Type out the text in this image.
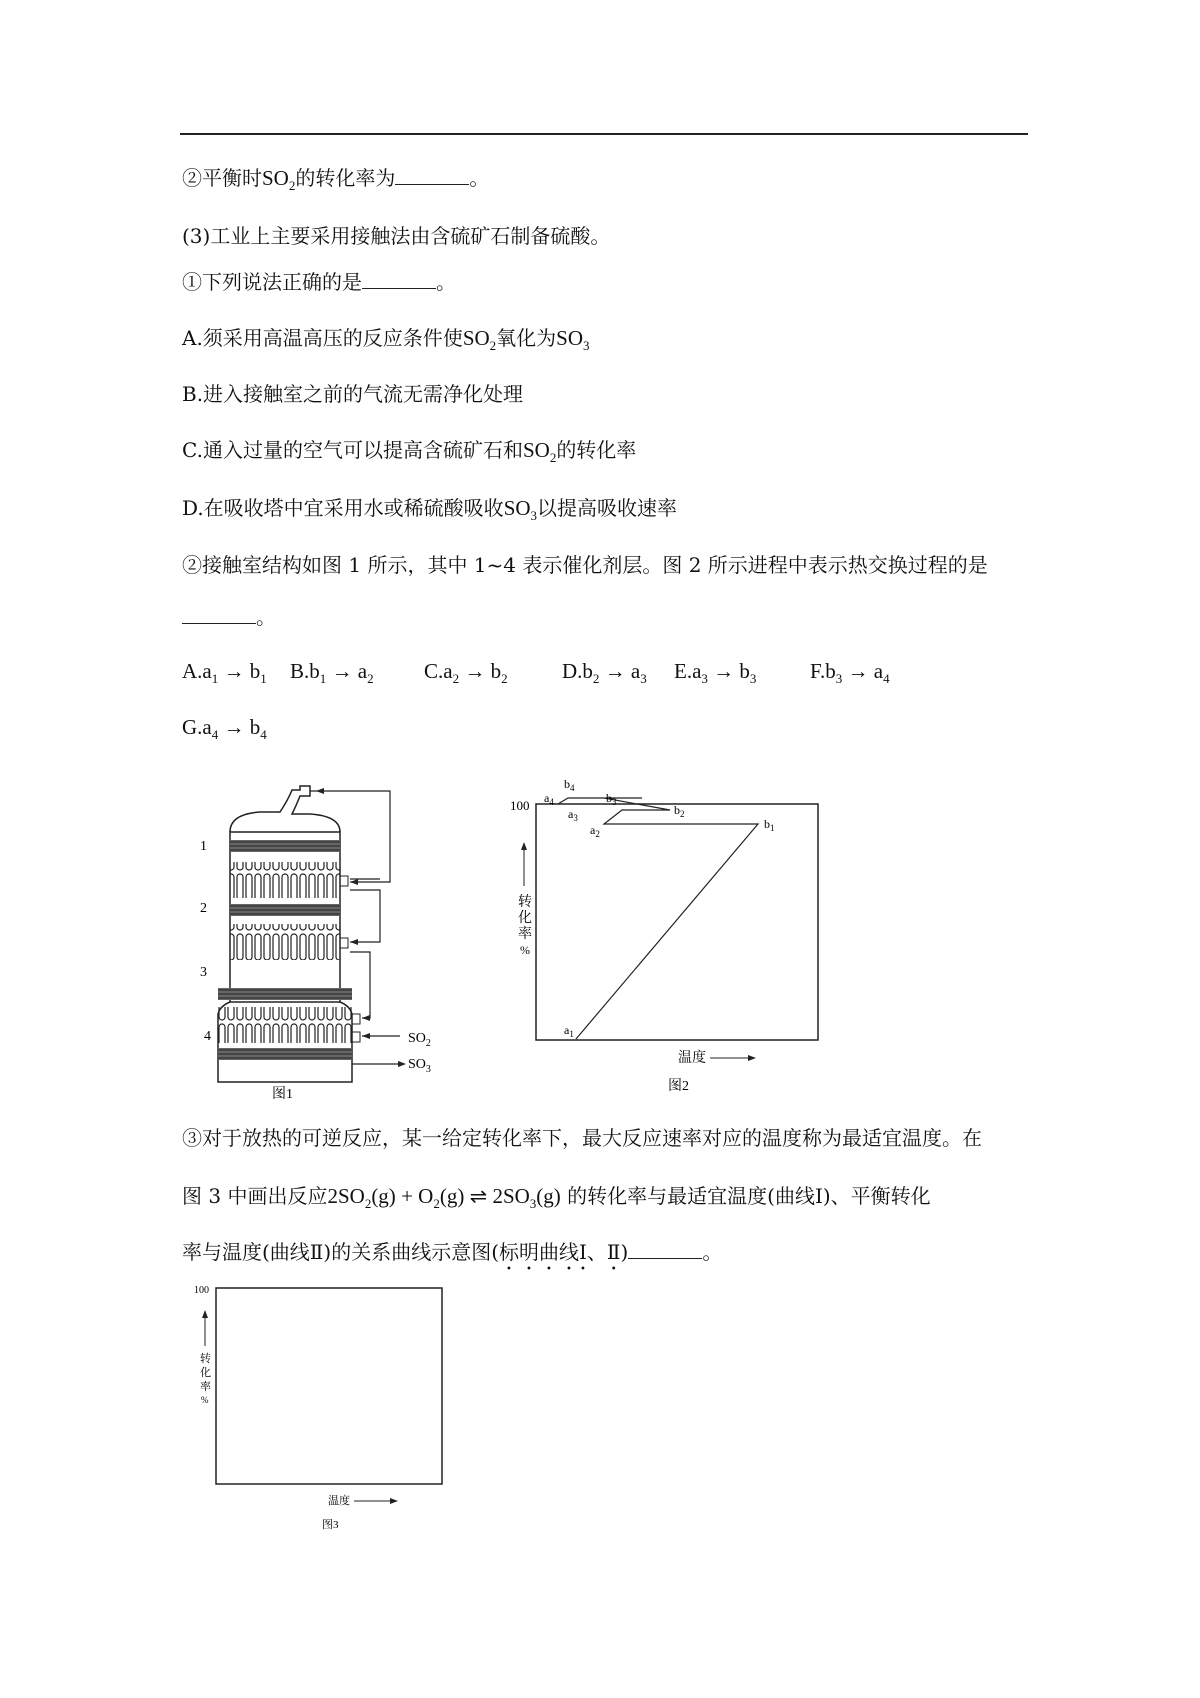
②平衡时$SO_2$的转化率为	。
(3)工业上主要采用接触法由含硫矿石制备硫酸。
①下列说法正确的是	。
A.须采用高温高压的反应条件使$SO_2$氧化为$SO_3$
B.进入接触室之前的气流无需净化处理
C.通入过量的空气可以提高含硫矿石和$SO_2$的转化率
D.在吸收塔中宜采用水或稀硫酸吸收$SO_3$以提高吸收速率
②接触室结构如图 1 所示，其中 1~4 表示催化剂层。图 2 所示进程中表示热交换过程的是
。
$A.a_1 \to b_1$ $B.b_1 \to a_2$ $C.a_2 \to b_2$	$D.b_2 \to a_3$ $E.a_3 \to b_3$	$F.b_3 \to a_4$
$G.a_4 \to b_4$
1
2
3
4	$SO_2$
$SO_3$
图1
100
转
化
率
%
温度
$a_1$
$b_1$
$a_2$
$b_2$
$a_3$
$b_3$
$a_4$
$b_4$
图2
③对于放热的可逆反应，某一给定转化率下，最大反应速率对应的温度称为最适宜温度。在
图 3 中画出反应$2SO_2(g) + O_2(g)$ ⇌ $2SO_3(g)$ 的转化率与最适宜温度(曲线Ⅰ)、平衡转化
率与温度(曲线Ⅱ)的关系曲线示意图(标明曲线Ⅰ、Ⅱ)	。
100
转
化
率
%
温度
图3
